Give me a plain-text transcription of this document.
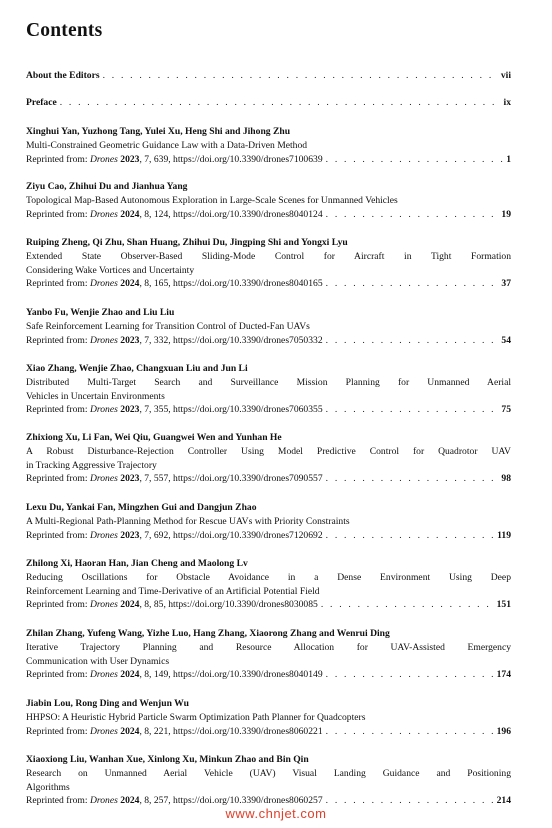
Contents
About the Editors . . .	vii
Preface . . .	ix
Xinghui Yan, Yuzhong Tang, Yulei Xu, Heng Shi and Jihong Zhu
Multi-Constrained Geometric Guidance Law with a Data-Driven Method
Reprinted from: Drones 2023, 7, 639, https://doi.org/10.3390/drones7100639 . . .	1
Ziyu Cao, Zhihui Du and Jianhua Yang
Topological Map-Based Autonomous Exploration in Large-Scale Scenes for Unmanned Vehicles
Reprinted from: Drones 2024, 8, 124, https://doi.org/10.3390/drones8040124 . . .	19
Ruiping Zheng, Qi Zhu, Shan Huang, Zhihui Du, Jingping Shi and Yongxi Lyu
Extended State Observer-Based Sliding-Mode Control for Aircraft in Tight Formation
Considering Wake Vortices and Uncertainty
Reprinted from: Drones 2024, 8, 165, https://doi.org/10.3390/drones8040165 . . .	37
Yanbo Fu, Wenjie Zhao and Liu Liu
Safe Reinforcement Learning for Transition Control of Ducted-Fan UAVs
Reprinted from: Drones 2023, 7, 332, https://doi.org/10.3390/drones7050332 . . .	54
Xiao Zhang, Wenjie Zhao, Changxuan Liu and Jun Li
Distributed Multi-Target Search and Surveillance Mission Planning for Unmanned Aerial
Vehicles in Uncertain Environments
Reprinted from: Drones 2023, 7, 355, https://doi.org/10.3390/drones7060355 . . .	75
Zhixiong Xu, Li Fan, Wei Qiu, Guangwei Wen and Yunhan He
A Robust Disturbance-Rejection Controller Using Model Predictive Control for Quadrotor UAV
in Tracking Aggressive Trajectory
Reprinted from: Drones 2023, 7, 557, https://doi.org/10.3390/drones7090557 . . .	98
Lexu Du, Yankai Fan, Mingzhen Gui and Dangjun Zhao
A Multi-Regional Path-Planning Method for Rescue UAVs with Priority Constraints
Reprinted from: Drones 2023, 7, 692, https://doi.org/10.3390/drones7120692 . . .	119
Zhilong Xi, Haoran Han, Jian Cheng and Maolong Lv
Reducing Oscillations for Obstacle Avoidance in a Dense Environment Using Deep
Reinforcement Learning and Time-Derivative of an Artificial Potential Field
Reprinted from: Drones 2024, 8, 85, https://doi.org/10.3390/drones8030085 . . .	151
Zhilan Zhang, Yufeng Wang, Yizhe Luo, Hang Zhang, Xiaorong Zhang and Wenrui Ding
Iterative Trajectory Planning and Resource Allocation for UAV-Assisted Emergency
Communication with User Dynamics
Reprinted from: Drones 2024, 8, 149, https://doi.org/10.3390/drones8040149 . . .	174
Jiabin Lou, Rong Ding and Wenjun Wu
HHPSO: A Heuristic Hybrid Particle Swarm Optimization Path Planner for Quadcopters
Reprinted from: Drones 2024, 8, 221, https://doi.org/10.3390/drones8060221 . . .	196
Xiaoxiong Liu, Wanhan Xue, Xinlong Xu, Minkun Zhao and Bin Qin
Research on Unmanned Aerial Vehicle (UAV) Visual Landing Guidance and Positioning
Algorithms
Reprinted from: Drones 2024, 8, 257, https://doi.org/10.3390/drones8060257 . . .	214
www.chnjet.com
